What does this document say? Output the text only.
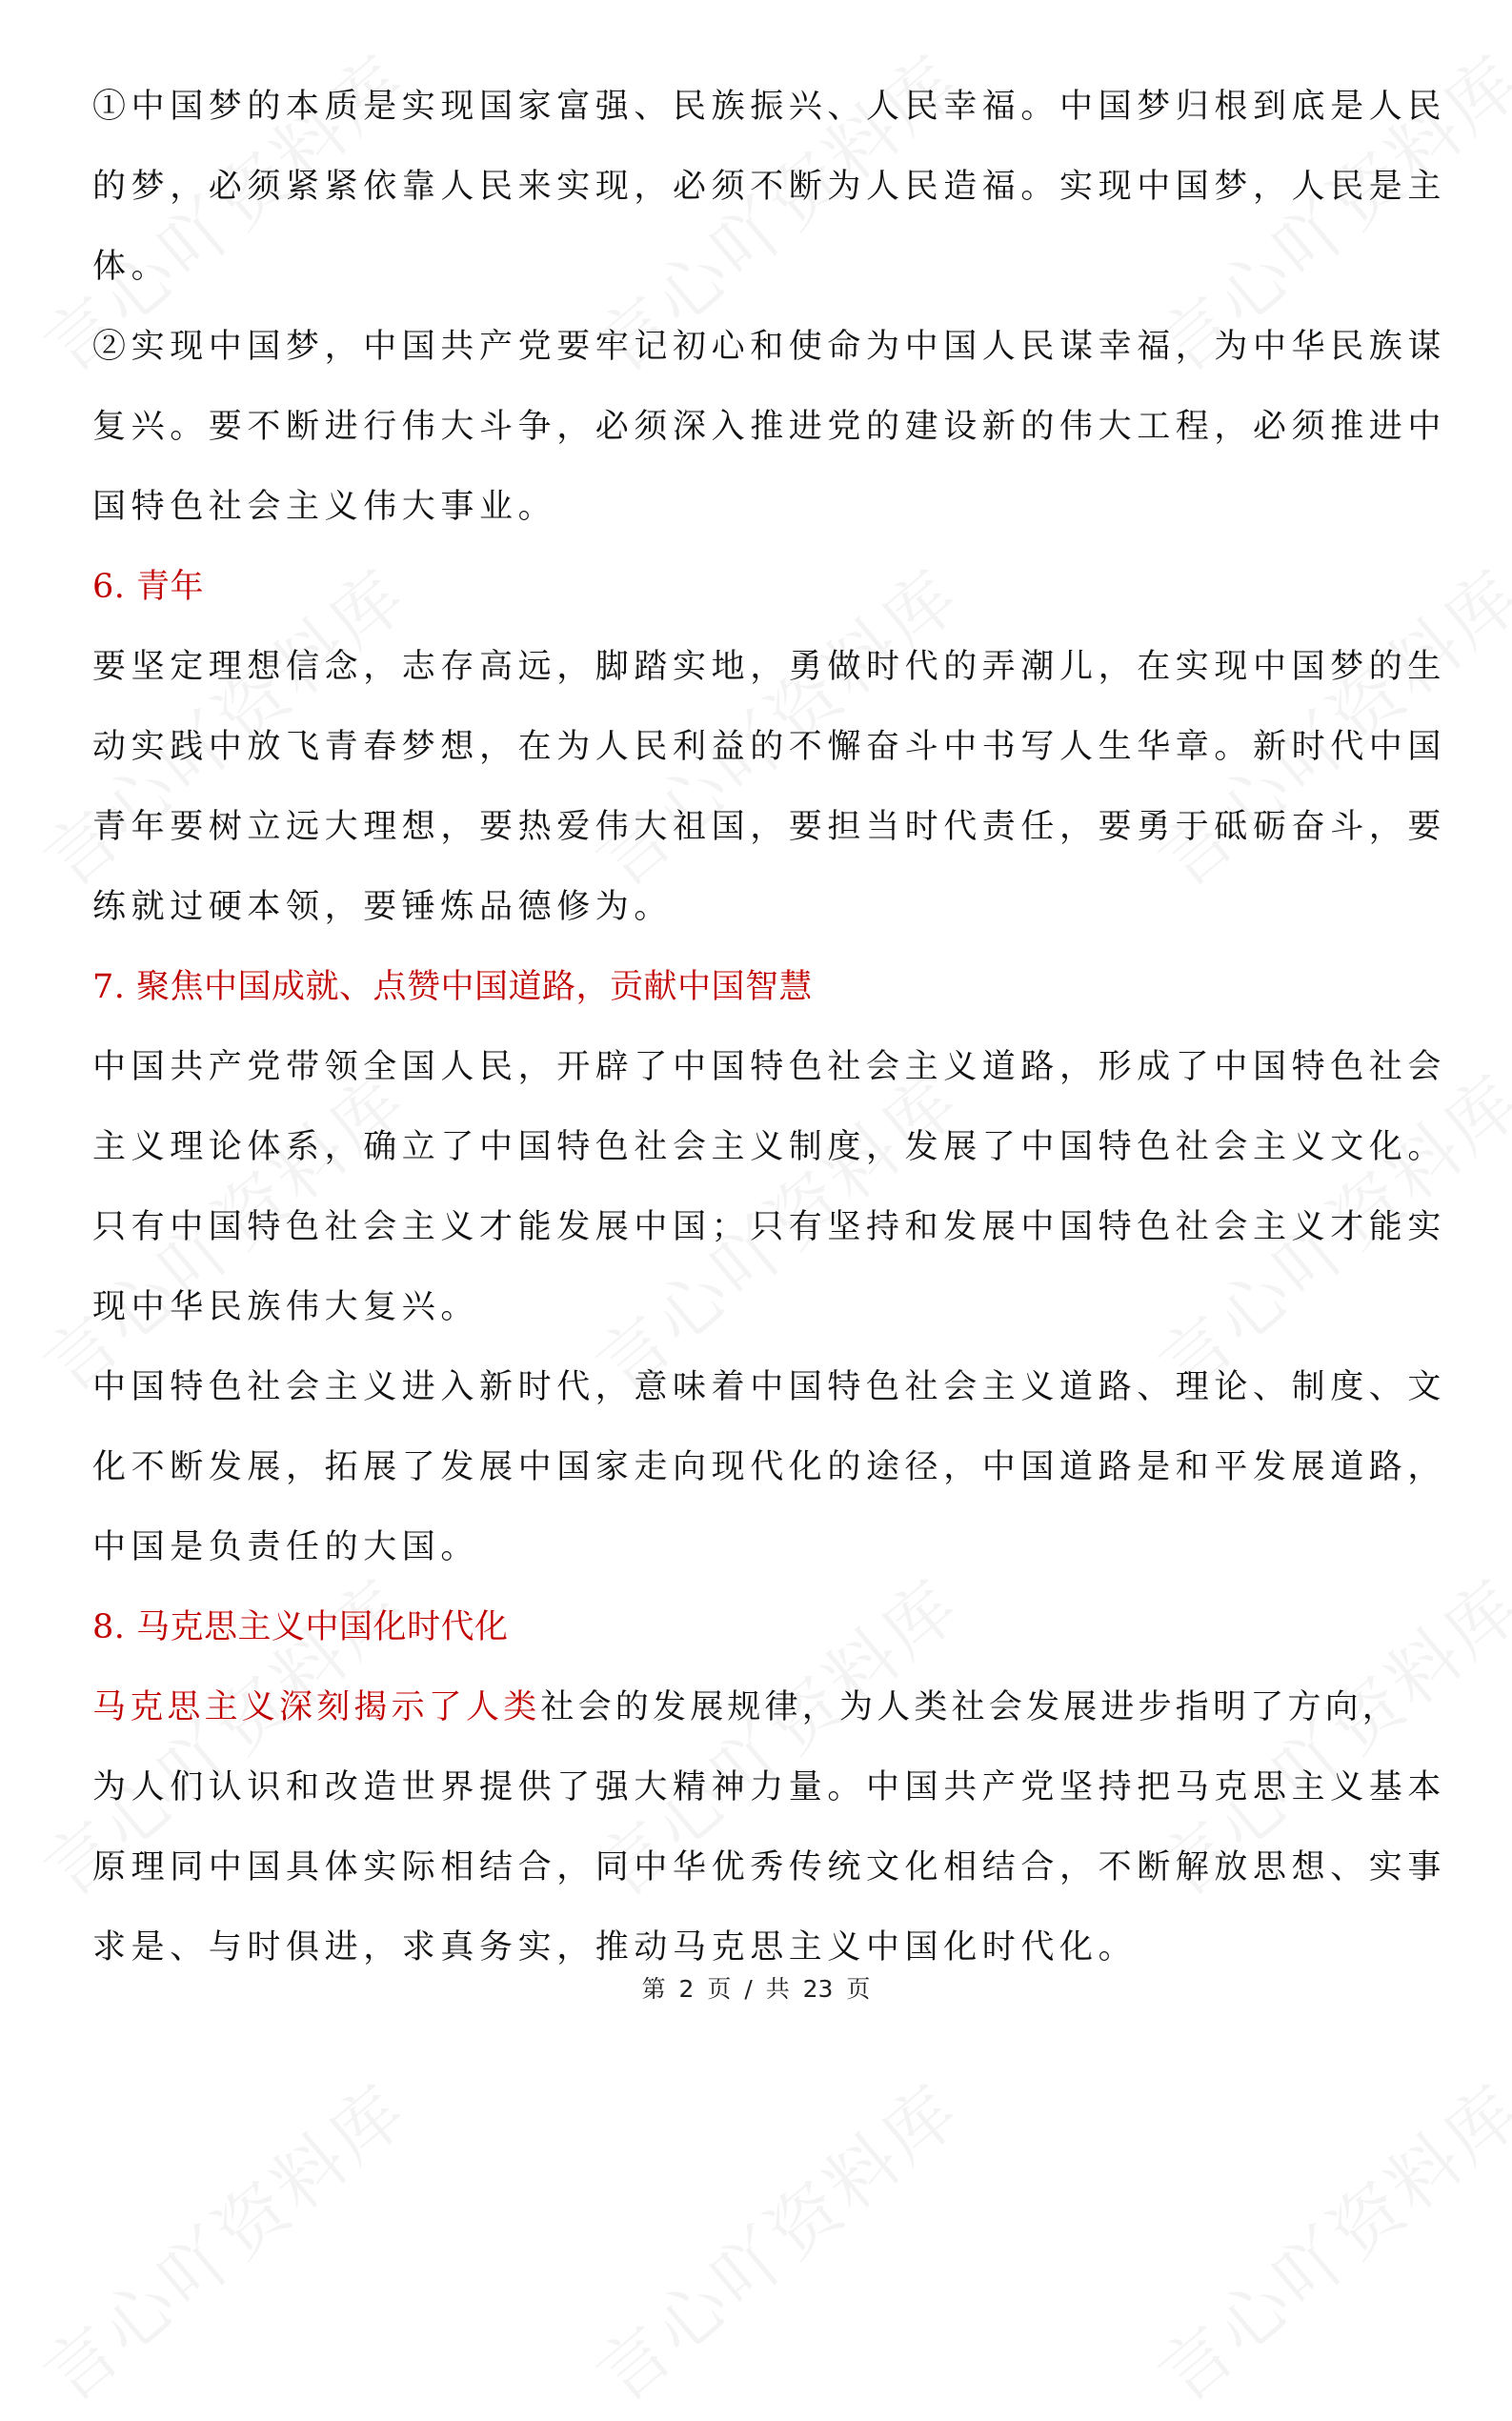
①中国梦的本质是实现国家富强、民族振兴、人民幸福。中国梦归根到底是人民
的梦，必须紧紧依靠人民来实现，必须不断为人民造福。实现中国梦，人民是主
体。
②实现中国梦，中国共产党要牢记初心和使命为中国人民谋幸福，为中华民族谋
复兴。要不断进行伟大斗争，必须深入推进党的建设新的伟大工程，必须推进中
国特色社会主义伟大事业。
6. 青年
要坚定理想信念，志存高远，脚踏实地，勇做时代的弄潮儿，在实现中国梦的生
动实践中放飞青春梦想，在为人民利益的不懈奋斗中书写人生华章。新时代中国
青年要树立远大理想，要热爱伟大祖国，要担当时代责任，要勇于砥砺奋斗，要
练就过硬本领，要锤炼品德修为。
7. 聚焦中国成就、点赞中国道路，贡献中国智慧
中国共产党带领全国人民，开辟了中国特色社会主义道路，形成了中国特色社会
主义理论体系，确立了中国特色社会主义制度，发展了中国特色社会主义文化。
只有中国特色社会主义才能发展中国；只有坚持和发展中国特色社会主义才能实
现中华民族伟大复兴。
中国特色社会主义进入新时代，意味着中国特色社会主义道路、理论、制度、文
化不断发展，拓展了发展中国家走向现代化的途径，中国道路是和平发展道路，
中国是负责任的大国。
8. 马克思主义中国化时代化
马克思主义深刻揭示了人类社会的发展规律，为人类社会发展进步指明了方向，
为人们认识和改造世界提供了强大精神力量。中国共产党坚持把马克思主义基本
原理同中国具体实际相结合，同中华优秀传统文化相结合，不断解放思想、实事
求是、与时俱进，求真务实，推动马克思主义中国化时代化。
第 2 页 / 共 23 页
